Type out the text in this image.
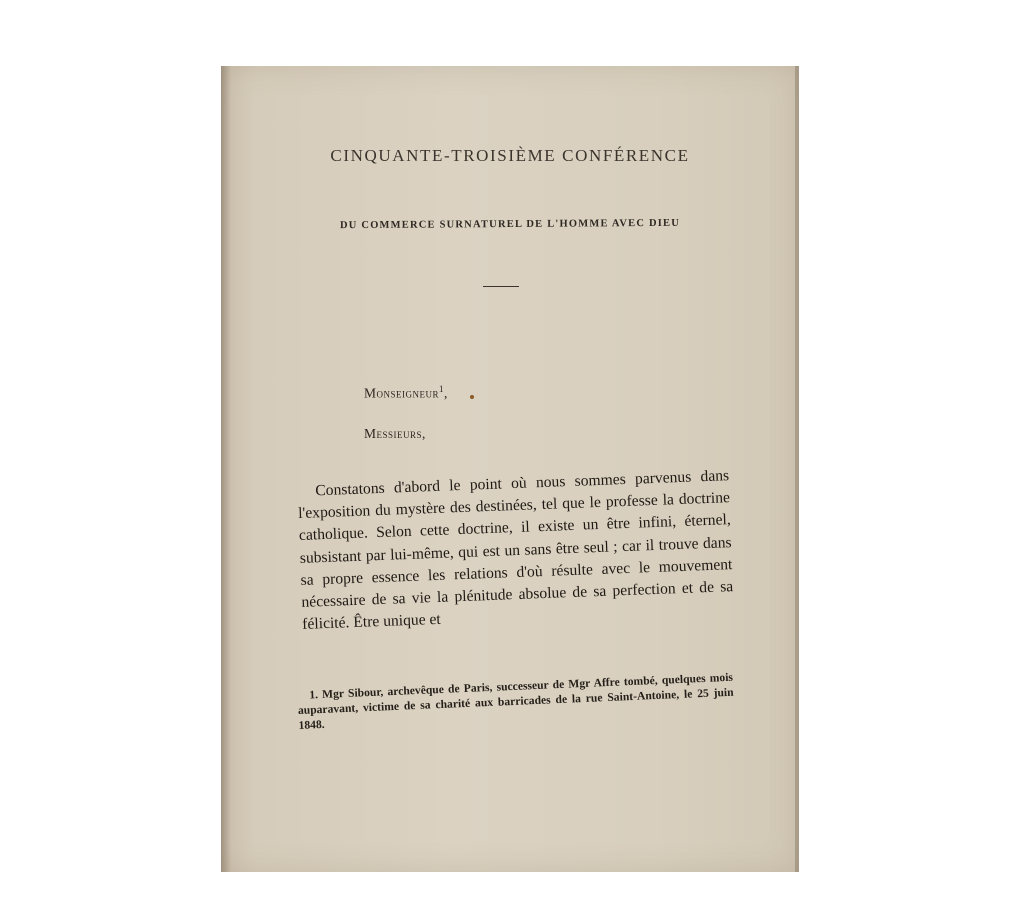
CINQUANTE-TROISIÈME CONFÉRENCE
DU COMMERCE SURNATUREL DE L'HOMME AVEC DIEU
Monseigneur$^1$,
Messieurs,
Constatons d'abord le point où nous sommes parvenus dans l'exposition du mystère des destinées, tel que le professe la doctrine catholique. Selon cette doctrine, il existe un être infini, éternel, subsistant par lui-même, qui est un sans être seul ; car il trouve dans sa propre essence les relations d'où résulte avec le mouvement nécessaire de sa vie la plénitude absolue de sa perfection et de sa félicité. Être unique et
1. Mgr Sibour, archevêque de Paris, successeur de Mgr Affre tombé, quelques mois auparavant, victime de sa charité aux barricades de la rue Saint-Antoine, le 25 juin 1848.
